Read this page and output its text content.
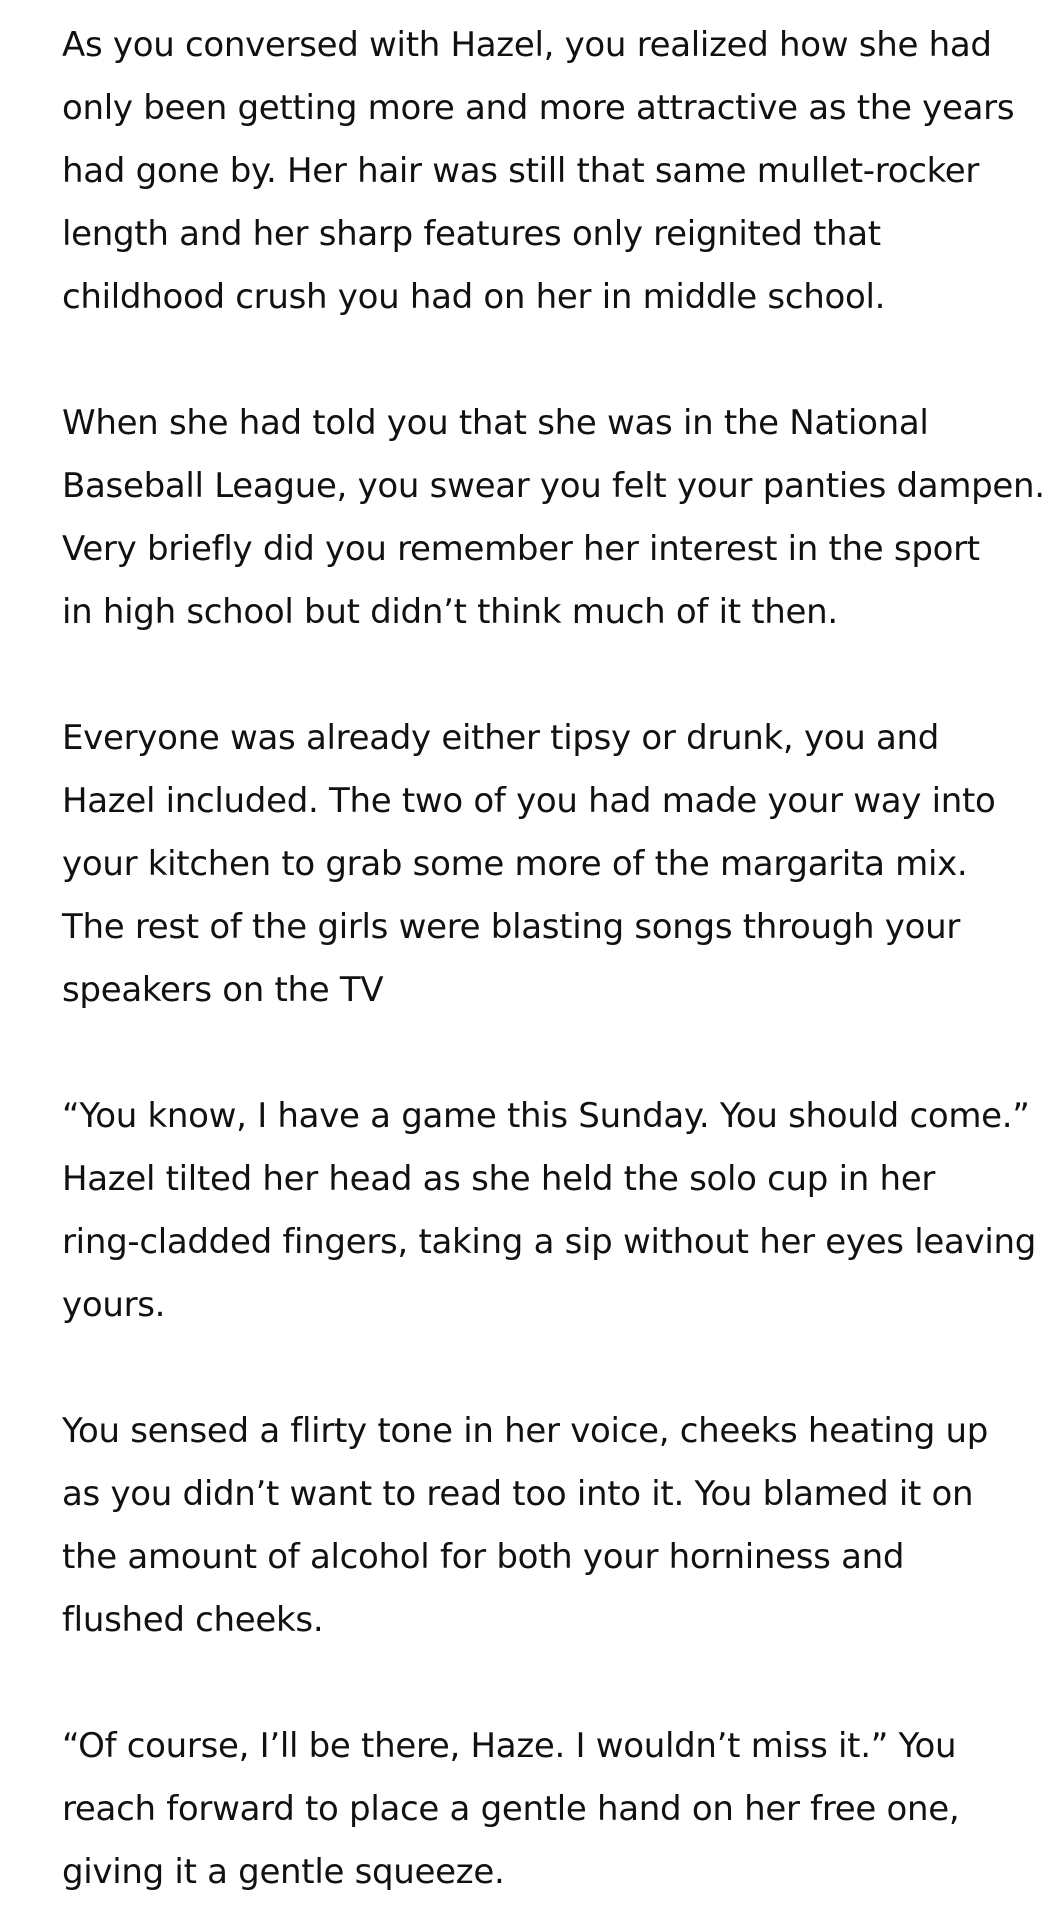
As you conversed with Hazel, you realized how she had
only been getting more and more attractive as the years
had gone by. Her hair was still that same mullet-rocker
length and her sharp features only reignited that
childhood crush you had on her in middle school.

When she had told you that she was in the National
Baseball League, you swear you felt your panties dampen.
Very briefly did you remember her interest in the sport
in high school but didn’t think much of it then.

Everyone was already either tipsy or drunk, you and
Hazel included. The two of you had made your way into
your kitchen to grab some more of the margarita mix.
The rest of the girls were blasting songs through your
speakers on the TV

“You know, I have a game this Sunday. You should come.”
Hazel tilted her head as she held the solo cup in her
ring-cladded fingers, taking a sip without her eyes leaving
yours.

You sensed a flirty tone in her voice, cheeks heating up
as you didn’t want to read too into it. You blamed it on
the amount of alcohol for both your horniness and
flushed cheeks.

“Of course, I’ll be there, Haze. I wouldn’t miss it.” You
reach forward to place a gentle hand on her free one,
giving it a gentle squeeze.
